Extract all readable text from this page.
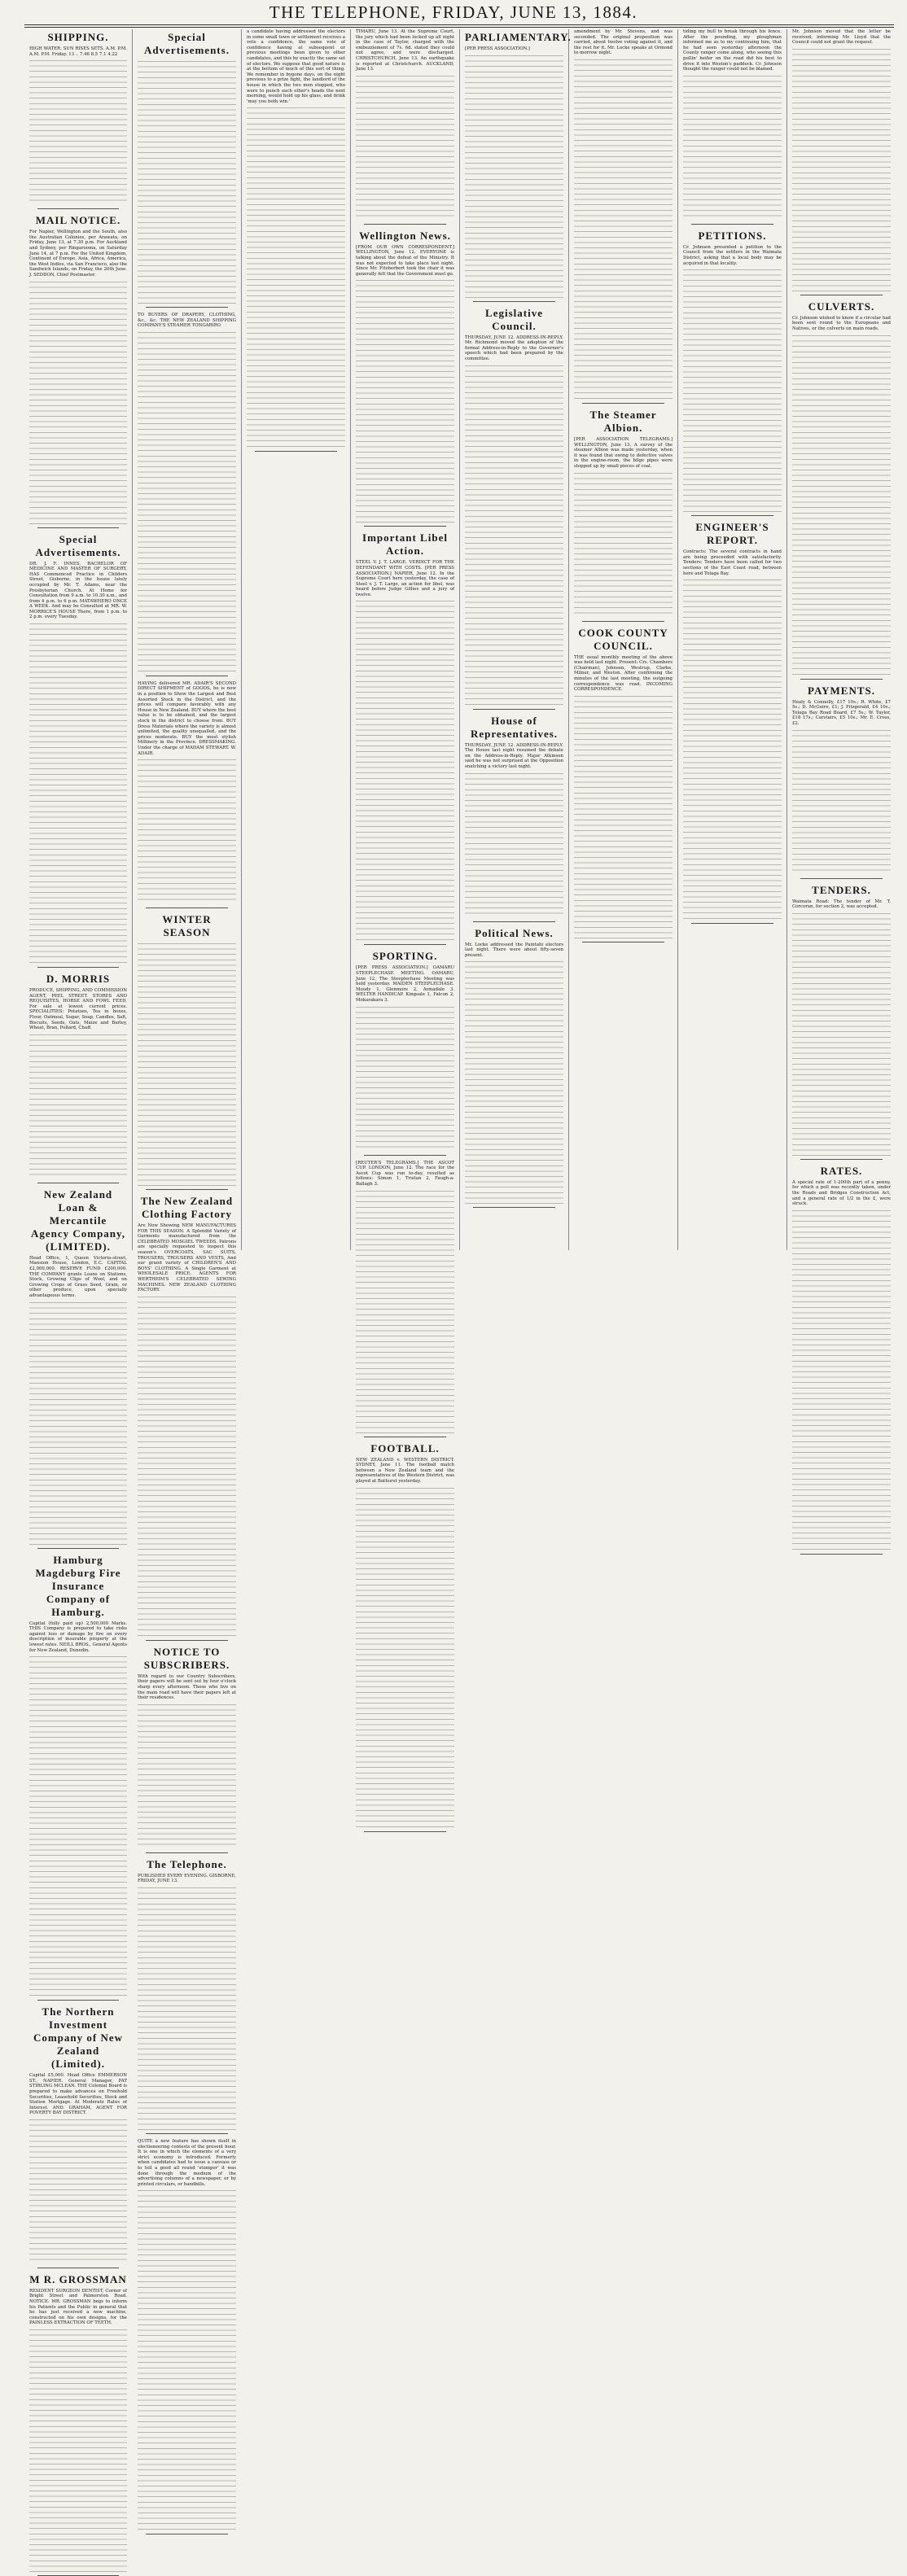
THE TELEPHONE, FRIDAY, JUNE 13, 1884.
SHIPPING.
HIGH WATER. SUN RISES SETS. A.M. P.M. A.M. P.M. Friday. 13 .. 7.46 8.5 7.1 4.22
MAIL NOTICE.
For Napier, Wellington and the South, also the Australian Colonies, per Arawata, on Friday, June 13, at 7.30 p.m. For Auckland and Sydney, per Ringarooma, on Saturday June 14, at 7 p.m. For the United Kingdom, Continent of Europe, Asia, Africa, America, the West Indies, via San Francisco, also the Sandwich Islands, on Friday, the 20th June. J. SEDDON, Chief Postmaster.
Special Advertisements.
DR. J. F. INNES, BACHELOR OF MEDICINE AND MASTER OF SURGERY, HAS Commenced Practice in Childers Street, Gisborne, in the house lately occupied by Mr. T. Adams, near the Presbyterian Church. At Home for Consultation from 9 a.m. to 10.30 a.m., and from 4 p.m. to 6 p.m. MATAWHERO ONCE A WEEK. And may be Consulted at MR. W. MORRICE'S HOUSE There, from 1 p.m. to 2 p.m. every Tuesday.
D. MORRIS
PRODUCE, SHIPPING, AND COMMISSION AGENT, PEEL STREET. STORES AND REQUISITES, HORSE AND FOWL FEED, For sale at lowest current prices. SPECIALITIES: Potatoes, Tea in boxes, Flour, Oatmeal, Sugar, Soap, Candles, Salt, Biscuits, Seeds, Oats, Maize and Barley, Wheat, Bran, Pollard, Chaff.
New Zealand Loan & Mercantile Agency Company, (LIMITED).
Head Office, 1, Queen Victoria-street, Mansion House, London, E.C. CAPITAL £2,000,000. RESERVE FUND £200,000. THE COMPANY grants Loans on Stations, Stock, Growing Clips of Wool, and on Growing Crops of Grass Seed, Grain, or other produce, upon specially advantageous terms.
Hamburg Magdeburg Fire Insurance Company of Hamburg.
Capital (fully paid up) 2,500,000 Marks. THIS Company is prepared to take risks against loss or damage by fire on every description of insurable property at the lowest rates. NEILL BROS., General Agents for New Zealand, Dunedin.
The Northern Investment Company of New Zealand (Limited).
Capital £5,000. Head Office EMMERSON ST., NAPIER. General Manager, PAT STIRLING MCLEAN. THE Colonial Board is prepared to make advances on Freehold Securities, Leasehold Securities, Stock and Station Mortgage. At Moderate Rates of Interest. AND. GRAHAM, AGENT FOR POVERTY BAY DISTRICT.
M R. GROSSMAN
RESIDENT SURGEON DENTIST, Corner of Bright Street and Palmerston Road. NOTICE. MR. GROSSMAN begs to inform his Patients and the Public in general that he has just received a new machine, constructed on his own designs, for the PAINLESS EXTRACTION OF TEETH.
Special Advertisements.
TO BUYERS OF DRAPERY, CLOTHING, &c., &c. THE NEW ZEALAND SHIPPING COMPANY'S STEAMER TONGARIRO
HAVING delivered MR. ADAIR'S SECOND DIRECT SHIPMENT of GOODS, he is now in a position to Show the Largest and Best Assorted Stock in the District, and the prices will compare favorably with any House in New Zealand. BUY where the best value is to be obtained, and the largest stock in the district to choose from. BUY Dress Materials where the variety is almost unlimited, the quality unequalled, and the prices moderate. BUY the most stylish Millinery in the Province. DRESSMAKING. Under the charge of MADAM STEWART. W. ADAIR.
WINTER SEASON
The New Zealand Clothing Factory
Are Now Showing NEW MANUFACTURES FOR THIS SEASON. A Splendid Variety of Garments manufactured from the CELEBRATED MOSGIEL TWEEDS. Patrons are specially requested to inspect this season's OVERCOATS, SAC SUITS, TROUSERS, TROUSERS AND VESTS, And our grand variety of CHILDREN'S AND BOYS' CLOTHING. A Single Garment at WHOLESALE PRICE. AGENTS FOR WERTHEIM'S CELEBRATED SEWING MACHINES. NEW ZEALAND CLOTHING FACTORY.
NOTICE TO SUBSCRIBERS.
With regard to our Country Subscribers, their papers will be sent out by four o'clock sharp every afternoon. Those who live on the main road will have their papers left at their residences.
The Telephone.
PUBLISHED EVERY EVENING. GISBORNE, FRIDAY, JUNE 13.
QUITE a new feature has shown itself in electioneering contests of the present hour. It is one in which the elements of a very strict economy is introduced. Formerly when candidates had to issue a canvass or to tell a good all round 'stumper' it was done through the medium of the advertising columns of a newspaper, or by printed circulars, or handbills.
a candidate having addressed the electors in some small town or settlement receives a vote a confidence, the same vote of confidence having at subsequent or previous meetings been given to other candidates, and this by exactly the same set of electors. We suppose that good nature is at the bottom of much of this sort of thing. We remember in bygone days, on the night previous to a prize fight, the landlord of the house in which the two men stopped, who were to punch each other's heads the next morning, would hold up his glass, and drink 'may you both win.'
TIMARU, June 13. At the Supreme Court, the jury which had been locked up all night in the case of Taylor, charged with the embezzlement of 7s. 6d. stated they could not agree, and were discharged. CHRISTCHURCH, June 13. An earthquake is reported at Christchurch. AUCKLAND, June 13.
Wellington News.
[FROM OUR OWN CORRESPONDENT.] WELLINGTON, June 12. EVERYONE is talking about the defeat of the Ministry. It was not expected to take place last night. Since Mr. Fitzherbert took the chair it was generally felt that the Government must go.
Important Libel Action.
STEEL V. J. T. LARGE. VERDICT FOR THE DEFENDANT WITH COSTS. [PER PRESS ASSOCIATION.] NAPIER, June 12. In the Supreme Court here yesterday, the case of Steel v. J. T. Large, an action for libel, was heard before Judge Gillies and a jury of twelve.
SPORTING.
[PER PRESS ASSOCIATION.] OAMARU STEEPLECHASE MEETING. OAMARU, June 12. The Steeplechase Meeting was held yesterday. MAIDEN STEEPLECHASE. Moody 1, Glenmore 2, Armadale 3. WELTER HANDICAP. Kingsale 1, Falcon 2, Mokarakara 3.
[REUTER'S TELEGRAMS.] THE ASCOT CUP. LONDON, June 12. The race for the Ascot Cup was run to-day, resulted as follows: Simon 1, Tristan 2, Faugh-a-Ballagh 3.
FOOTBALL.
NEW ZEALAND v. WESTERN DISTRICT. SYDNEY, June 11. The football match between a New Zealand team and the representatives of the Western District, was played at Bathurst yesterday.
PARLIAMENTARY.
[PER PRESS ASSOCIATION.]
Legislative Council.
THURSDAY, JUNE 12. ADDRESS-IN-REPLY. Mr. Richmond moved the adoption of the formal Address-in-Reply to the Governor's speech which had been prepared by the committee.
House of Representatives.
THURSDAY, JUNE 12. ADDRESS-IN-REPLY. The House last night resumed the debate on the Address-in-Reply. Major Atkinson said he was not surprised at the Opposition snatching a victory last night.
Political News.
Mr. Locke addressed the Paintahi electors last night. There were about fifty-seven present.
amendment by Mr. Stevens, and was seconded. The original proposition was carried, about twelve voting against it, and the rest for it. Mr. Locke speaks at Ormond to-morrow night.
The Steamer Albion.
[PER ASSOCIATION TELEGRAMS.] WELLINGTON, June 13. A survey of the steamer Albion was made yesterday, when it was found that owing to defective valves in the engine-room, the bilge pipes were stopped up by small pieces of coal.
COOK COUNTY COUNCIL.
THE usual monthly meeting of the above was held last night. Present: Crs. Chambers (Chairman), Johnson, Westrup, Clarke, Milner, and Weston. After confirming the minutes of the last meeting, the outgoing correspondence was read. INCOMING CORRESPONDENCE.
tiding my bull to break through his fence. After the pounding, my ploughman informed me as to my continuing him, that he had seen yesterday afternoon the County ranger come along, who seeing this pullin' heifer on the road did his best to drive it into Weston's paddock. Cr. Johnson thought the ranger could not be blamed.
PETITIONS.
Cr. Johnson presented a petition to the Council from the settlers in the Waimata District, asking that a local body may be acquired in that locality.
ENGINEER'S REPORT.
Contracts: The several contracts in hand are being proceeded with satisfactorily. Tenders: Tenders have been called for two sections of the East Coast road, between here and Tolaga Bay.
Mr. Johnson moved that the letter be received, informing Mr. Lloyd that the Council could not grant the request.
CULVERTS.
Cr. Johnson wished to know if a circular had been sent round to the Europeans and Natives, or the culverts on main roads.
PAYMENTS.
Healy & Connolly, £17 10s.; R. White, £7 5s.; D. McGuire, £1; J. Fitzgerald, £4 10s.; Tolaga Bay Road Board, £7 5s.; W. Taylor, £18 17s.; Carstairs, £5 10s.; Mr. E. Cross, £2.
TENDERS.
Waimata Road: The tender of Mr. T. Corcoran, for section 2, was accepted.
RATES.
A special rate of 1-200th part of a penny, for which a poll was recently taken, under the Roads and Bridges Construction Act, and a general rate of 1/2 in the £, were struck.
